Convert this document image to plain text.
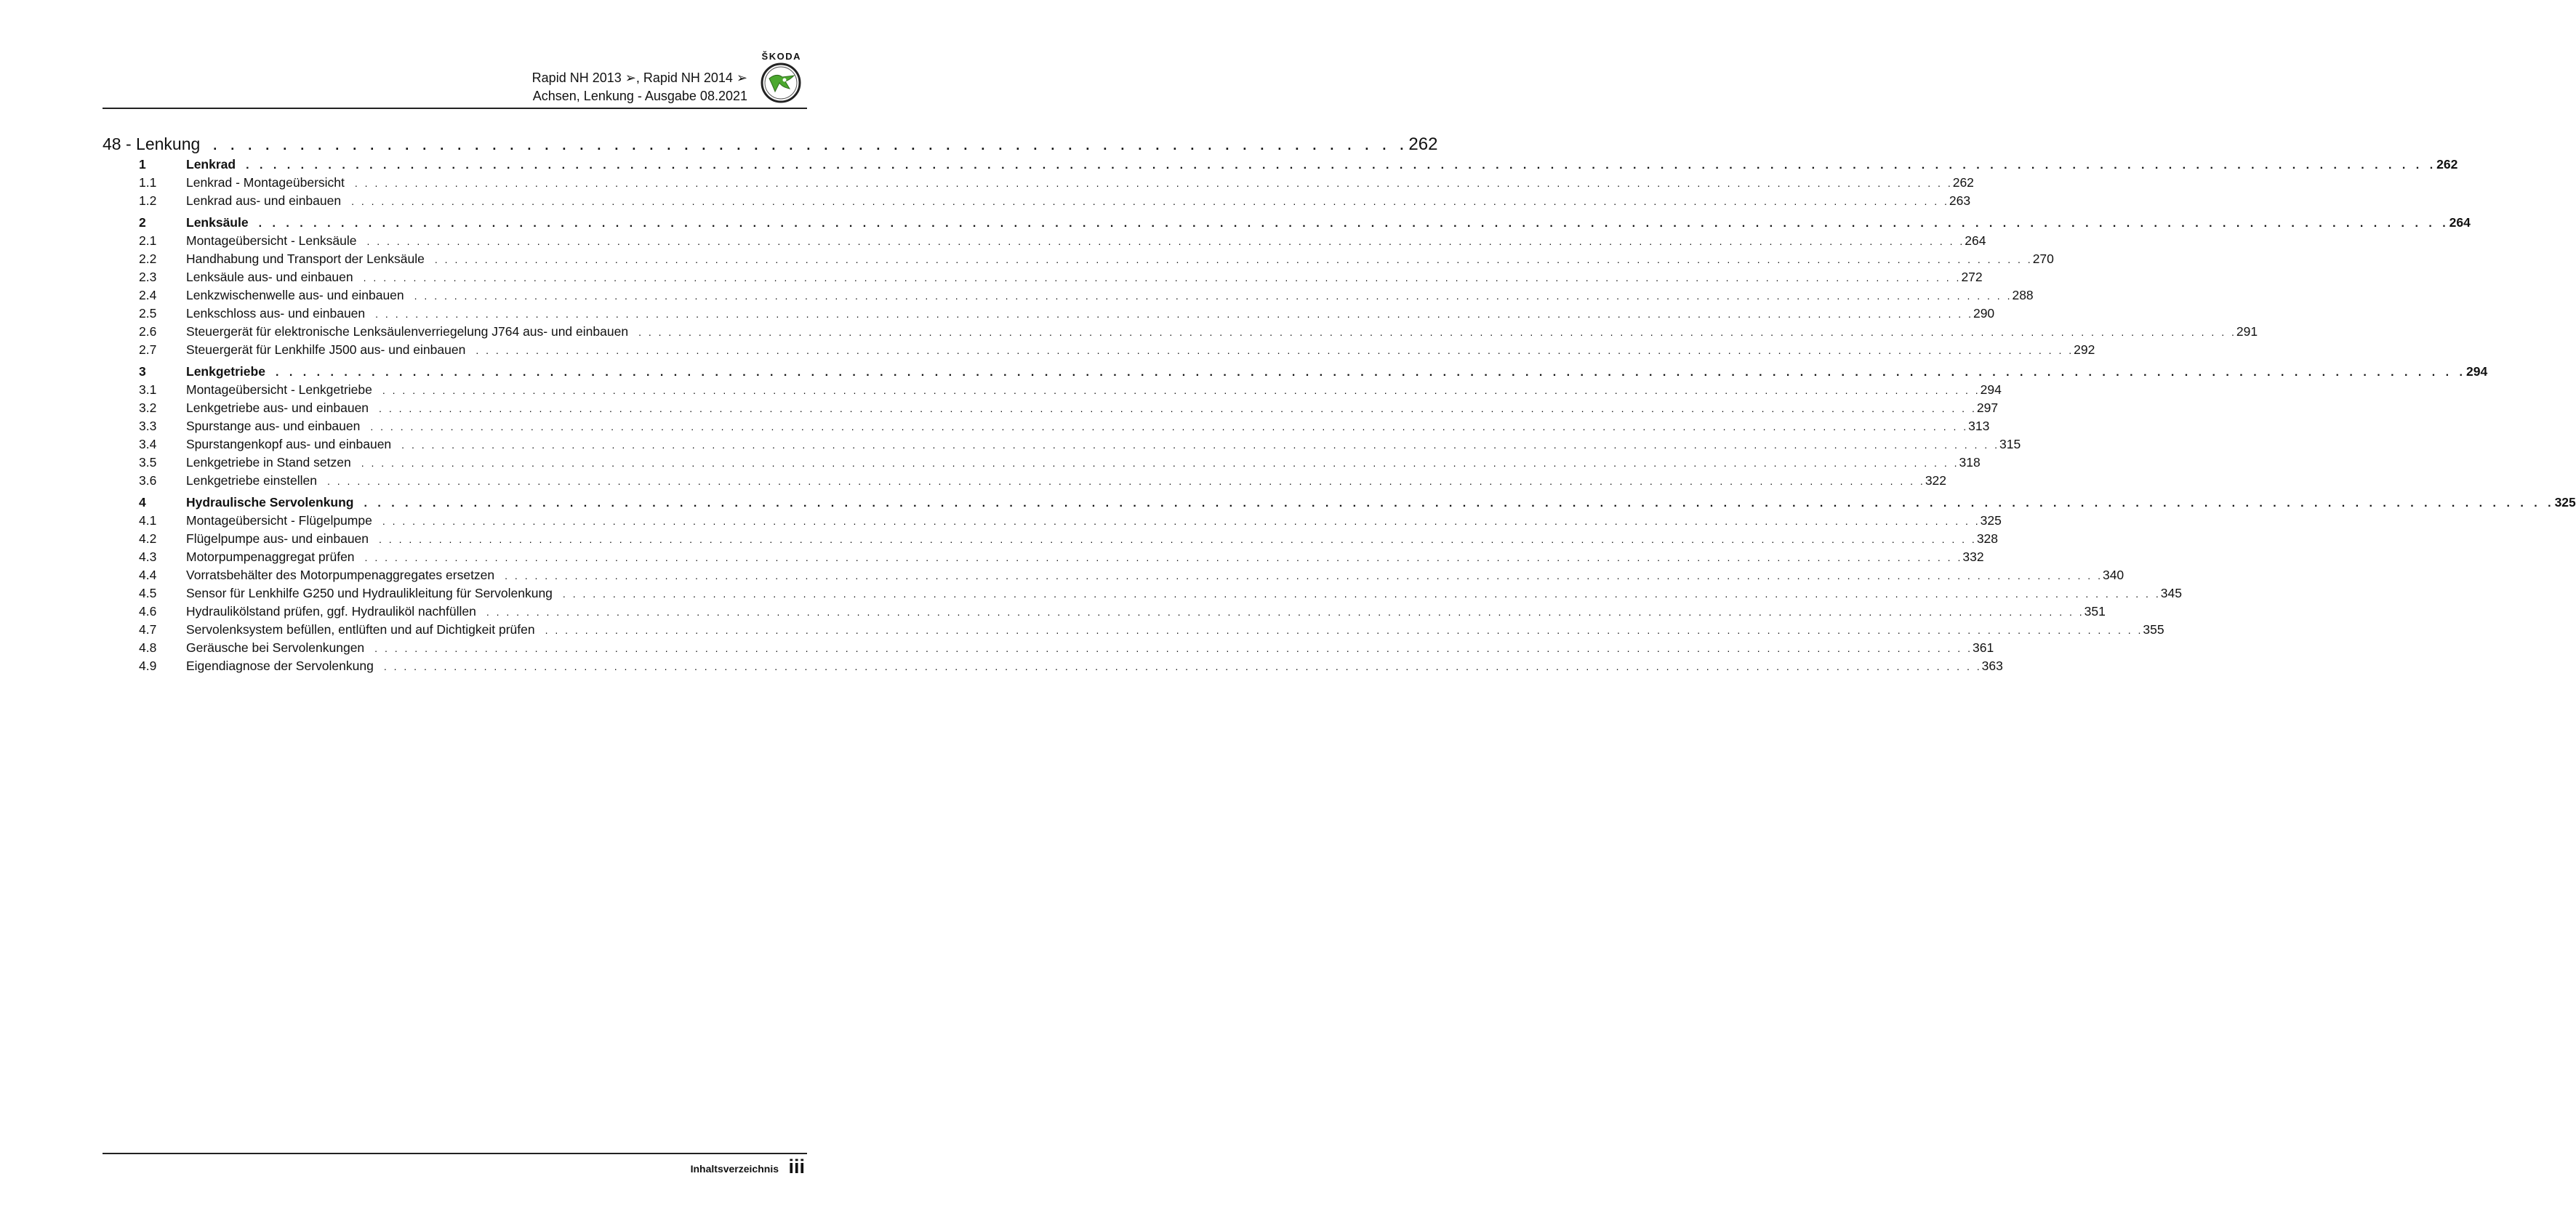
ŠKODA
Rapid NH 2013 ➢, Rapid NH 2014 ➢
Achsen, Lenkung - Ausgabe 08.2021
48 - Lenkung	. . . . . . . . . . . . . . . . . . . . . . . . . . . . . . . . . . . . . . . . . . . . . . . . . . . . . . . . . . . . . . . . . . . . . 262
1	Lenkrad . . . . . . . . . . . . . . . . . . . . . . . . . . . . . . . . . . . . . . . . . . . . . . . . . . . . . . . . . . . . . . . . . . . . . . . . . . . . . . . . . . . . . . . . . . . . . . . . . . . . . . . . . . . . . . . . . . . . . . . . . . . . . . . . . . . . . . . . . . . . . . . . . . . . . . . . . . . . . . . . 262
1.1 Lenkrad - Montageübersicht	. . . . . . . . . . . . . . . . . . . . . . . . . . . . . . . . . . . . . . . . . . . . . . . . . . . . . . . . . . . . . . . . . . . . . . . . . . . . . . . . . . . . . . . . . . . . . . . . . . . . . . . . . . . . . . . . . . . . . . . . . . . . . . . . . . . . . . . . . . . . . . . . . . . . . . . . . . . . . . . . 262
1.2 Lenkrad aus- und einbauen	. . . . . . . . . . . . . . . . . . . . . . . . . . . . . . . . . . . . . . . . . . . . . . . . . . . . . . . . . . . . . . . . . . . . . . . . . . . . . . . . . . . . . . . . . . . . . . . . . . . . . . . . . . . . . . . . . . . . . . . . . . . . . . . . . . . . . . . . . . . . . . . . . . . . . . . . . . . . . . . . 263
2	Lenksäule . . . . . . . . . . . . . . . . . . . . . . . . . . . . . . . . . . . . . . . . . . . . . . . . . . . . . . . . . . . . . . . . . . . . . . . . . . . . . . . . . . . . . . . . . . . . . . . . . . . . . . . . . . . . . . . . . . . . . . . . . . . . . . . . . . . . . . . . . . . . . . . . . . . . . . . . . . . . . . . . 264
2.1 Montageübersicht - Lenksäule	. . . . . . . . . . . . . . . . . . . . . . . . . . . . . . . . . . . . . . . . . . . . . . . . . . . . . . . . . . . . . . . . . . . . . . . . . . . . . . . . . . . . . . . . . . . . . . . . . . . . . . . . . . . . . . . . . . . . . . . . . . . . . . . . . . . . . . . . . . . . . . . . . . . . . . . . . . . . . . . . 264
2.2 Handhabung und Transport der Lenksäule	. . . . . . . . . . . . . . . . . . . . . . . . . . . . . . . . . . . . . . . . . . . . . . . . . . . . . . . . . . . . . . . . . . . . . . . . . . . . . . . . . . . . . . . . . . . . . . . . . . . . . . . . . . . . . . . . . . . . . . . . . . . . . . . . . . . . . . . . . . . . . . . . . . . . . . . . . . . . . . . . 270
2.3 Lenksäule aus- und einbauen	. . . . . . . . . . . . . . . . . . . . . . . . . . . . . . . . . . . . . . . . . . . . . . . . . . . . . . . . . . . . . . . . . . . . . . . . . . . . . . . . . . . . . . . . . . . . . . . . . . . . . . . . . . . . . . . . . . . . . . . . . . . . . . . . . . . . . . . . . . . . . . . . . . . . . . . . . . . . . . . . 272
2.4 Lenkzwischenwelle aus- und einbauen	. . . . . . . . . . . . . . . . . . . . . . . . . . . . . . . . . . . . . . . . . . . . . . . . . . . . . . . . . . . . . . . . . . . . . . . . . . . . . . . . . . . . . . . . . . . . . . . . . . . . . . . . . . . . . . . . . . . . . . . . . . . . . . . . . . . . . . . . . . . . . . . . . . . . . . . . . . . . . . . . 288
2.5 Lenkschloss aus- und einbauen	. . . . . . . . . . . . . . . . . . . . . . . . . . . . . . . . . . . . . . . . . . . . . . . . . . . . . . . . . . . . . . . . . . . . . . . . . . . . . . . . . . . . . . . . . . . . . . . . . . . . . . . . . . . . . . . . . . . . . . . . . . . . . . . . . . . . . . . . . . . . . . . . . . . . . . . . . . . . . . . . 290
2.6 Steuergerät für elektronische Lenksäulenverriegelung J764 aus- und einbauen	. . . . . . . . . . . . . . . . . . . . . . . . . . . . . . . . . . . . . . . . . . . . . . . . . . . . . . . . . . . . . . . . . . . . . . . . . . . . . . . . . . . . . . . . . . . . . . . . . . . . . . . . . . . . . . . . . . . . . . . . . . . . . . . . . . . . . . . . . . . . . . . . . . . . . . . . . . . . . . . . 291
2.7 Steuergerät für Lenkhilfe J500 aus- und einbauen	. . . . . . . . . . . . . . . . . . . . . . . . . . . . . . . . . . . . . . . . . . . . . . . . . . . . . . . . . . . . . . . . . . . . . . . . . . . . . . . . . . . . . . . . . . . . . . . . . . . . . . . . . . . . . . . . . . . . . . . . . . . . . . . . . . . . . . . . . . . . . . . . . . . . . . . . . . . . . . . . 292
3	Lenkgetriebe . . . . . . . . . . . . . . . . . . . . . . . . . . . . . . . . . . . . . . . . . . . . . . . . . . . . . . . . . . . . . . . . . . . . . . . . . . . . . . . . . . . . . . . . . . . . . . . . . . . . . . . . . . . . . . . . . . . . . . . . . . . . . . . . . . . . . . . . . . . . . . . . . . . . . . . . . . . . . . . . 294
3.1 Montageübersicht - Lenkgetriebe	. . . . . . . . . . . . . . . . . . . . . . . . . . . . . . . . . . . . . . . . . . . . . . . . . . . . . . . . . . . . . . . . . . . . . . . . . . . . . . . . . . . . . . . . . . . . . . . . . . . . . . . . . . . . . . . . . . . . . . . . . . . . . . . . . . . . . . . . . . . . . . . . . . . . . . . . . . . . . . . . 294
3.2 Lenkgetriebe aus- und einbauen	. . . . . . . . . . . . . . . . . . . . . . . . . . . . . . . . . . . . . . . . . . . . . . . . . . . . . . . . . . . . . . . . . . . . . . . . . . . . . . . . . . . . . . . . . . . . . . . . . . . . . . . . . . . . . . . . . . . . . . . . . . . . . . . . . . . . . . . . . . . . . . . . . . . . . . . . . . . . . . . . 297
3.3 Spurstange aus- und einbauen	. . . . . . . . . . . . . . . . . . . . . . . . . . . . . . . . . . . . . . . . . . . . . . . . . . . . . . . . . . . . . . . . . . . . . . . . . . . . . . . . . . . . . . . . . . . . . . . . . . . . . . . . . . . . . . . . . . . . . . . . . . . . . . . . . . . . . . . . . . . . . . . . . . . . . . . . . . . . . . . . 313
3.4 Spurstangenkopf aus- und einbauen	. . . . . . . . . . . . . . . . . . . . . . . . . . . . . . . . . . . . . . . . . . . . . . . . . . . . . . . . . . . . . . . . . . . . . . . . . . . . . . . . . . . . . . . . . . . . . . . . . . . . . . . . . . . . . . . . . . . . . . . . . . . . . . . . . . . . . . . . . . . . . . . . . . . . . . . . . . . . . . . . 315
3.5 Lenkgetriebe in Stand setzen	. . . . . . . . . . . . . . . . . . . . . . . . . . . . . . . . . . . . . . . . . . . . . . . . . . . . . . . . . . . . . . . . . . . . . . . . . . . . . . . . . . . . . . . . . . . . . . . . . . . . . . . . . . . . . . . . . . . . . . . . . . . . . . . . . . . . . . . . . . . . . . . . . . . . . . . . . . . . . . . . 318
3.6 Lenkgetriebe einstellen	. . . . . . . . . . . . . . . . . . . . . . . . . . . . . . . . . . . . . . . . . . . . . . . . . . . . . . . . . . . . . . . . . . . . . . . . . . . . . . . . . . . . . . . . . . . . . . . . . . . . . . . . . . . . . . . . . . . . . . . . . . . . . . . . . . . . . . . . . . . . . . . . . . . . . . . . . . . . . . . . 322
4	Hydraulische Servolenkung . . . . . . . . . . . . . . . . . . . . . . . . . . . . . . . . . . . . . . . . . . . . . . . . . . . . . . . . . . . . . . . . . . . . . . . . . . . . . . . . . . . . . . . . . . . . . . . . . . . . . . . . . . . . . . . . . . . . . . . . . . . . . . . . . . . . . . . . . . . . . . . . . . . . . . . . . . . . . . . . 325
4.1 Montageübersicht - Flügelpumpe	. . . . . . . . . . . . . . . . . . . . . . . . . . . . . . . . . . . . . . . . . . . . . . . . . . . . . . . . . . . . . . . . . . . . . . . . . . . . . . . . . . . . . . . . . . . . . . . . . . . . . . . . . . . . . . . . . . . . . . . . . . . . . . . . . . . . . . . . . . . . . . . . . . . . . . . . . . . . . . . . 325
4.2 Flügelpumpe aus- und einbauen	. . . . . . . . . . . . . . . . . . . . . . . . . . . . . . . . . . . . . . . . . . . . . . . . . . . . . . . . . . . . . . . . . . . . . . . . . . . . . . . . . . . . . . . . . . . . . . . . . . . . . . . . . . . . . . . . . . . . . . . . . . . . . . . . . . . . . . . . . . . . . . . . . . . . . . . . . . . . . . . . 328
4.3 Motorpumpenaggregat prüfen	. . . . . . . . . . . . . . . . . . . . . . . . . . . . . . . . . . . . . . . . . . . . . . . . . . . . . . . . . . . . . . . . . . . . . . . . . . . . . . . . . . . . . . . . . . . . . . . . . . . . . . . . . . . . . . . . . . . . . . . . . . . . . . . . . . . . . . . . . . . . . . . . . . . . . . . . . . . . . . . . 332
4.4 Vorratsbehälter des Motorpumpenaggregates ersetzen	. . . . . . . . . . . . . . . . . . . . . . . . . . . . . . . . . . . . . . . . . . . . . . . . . . . . . . . . . . . . . . . . . . . . . . . . . . . . . . . . . . . . . . . . . . . . . . . . . . . . . . . . . . . . . . . . . . . . . . . . . . . . . . . . . . . . . . . . . . . . . . . . . . . . . . . . . . . . . . . . 340
4.5 Sensor für Lenkhilfe G250 und Hydraulikleitung für Servolenkung	. . . . . . . . . . . . . . . . . . . . . . . . . . . . . . . . . . . . . . . . . . . . . . . . . . . . . . . . . . . . . . . . . . . . . . . . . . . . . . . . . . . . . . . . . . . . . . . . . . . . . . . . . . . . . . . . . . . . . . . . . . . . . . . . . . . . . . . . . . . . . . . . . . . . . . . . . . . . . . . . 345
4.6 Hydraulikölstand prüfen, ggf. Hydrauliköl nachfüllen	. . . . . . . . . . . . . . . . . . . . . . . . . . . . . . . . . . . . . . . . . . . . . . . . . . . . . . . . . . . . . . . . . . . . . . . . . . . . . . . . . . . . . . . . . . . . . . . . . . . . . . . . . . . . . . . . . . . . . . . . . . . . . . . . . . . . . . . . . . . . . . . . . . . . . . . . . . . . . . . . 351
4.7 Servolenksystem befüllen, entlüften und auf Dichtigkeit prüfen	. . . . . . . . . . . . . . . . . . . . . . . . . . . . . . . . . . . . . . . . . . . . . . . . . . . . . . . . . . . . . . . . . . . . . . . . . . . . . . . . . . . . . . . . . . . . . . . . . . . . . . . . . . . . . . . . . . . . . . . . . . . . . . . . . . . . . . . . . . . . . . . . . . . . . . . . . . . . . . . . 355
4.8 Geräusche bei Servolenkungen	. . . . . . . . . . . . . . . . . . . . . . . . . . . . . . . . . . . . . . . . . . . . . . . . . . . . . . . . . . . . . . . . . . . . . . . . . . . . . . . . . . . . . . . . . . . . . . . . . . . . . . . . . . . . . . . . . . . . . . . . . . . . . . . . . . . . . . . . . . . . . . . . . . . . . . . . . . . . . . . . 361
4.9 Eigendiagnose der Servolenkung	. . . . . . . . . . . . . . . . . . . . . . . . . . . . . . . . . . . . . . . . . . . . . . . . . . . . . . . . . . . . . . . . . . . . . . . . . . . . . . . . . . . . . . . . . . . . . . . . . . . . . . . . . . . . . . . . . . . . . . . . . . . . . . . . . . . . . . . . . . . . . . . . . . . . . . . . . . . . . . . . 363
Inhaltsverzeichnis iii
